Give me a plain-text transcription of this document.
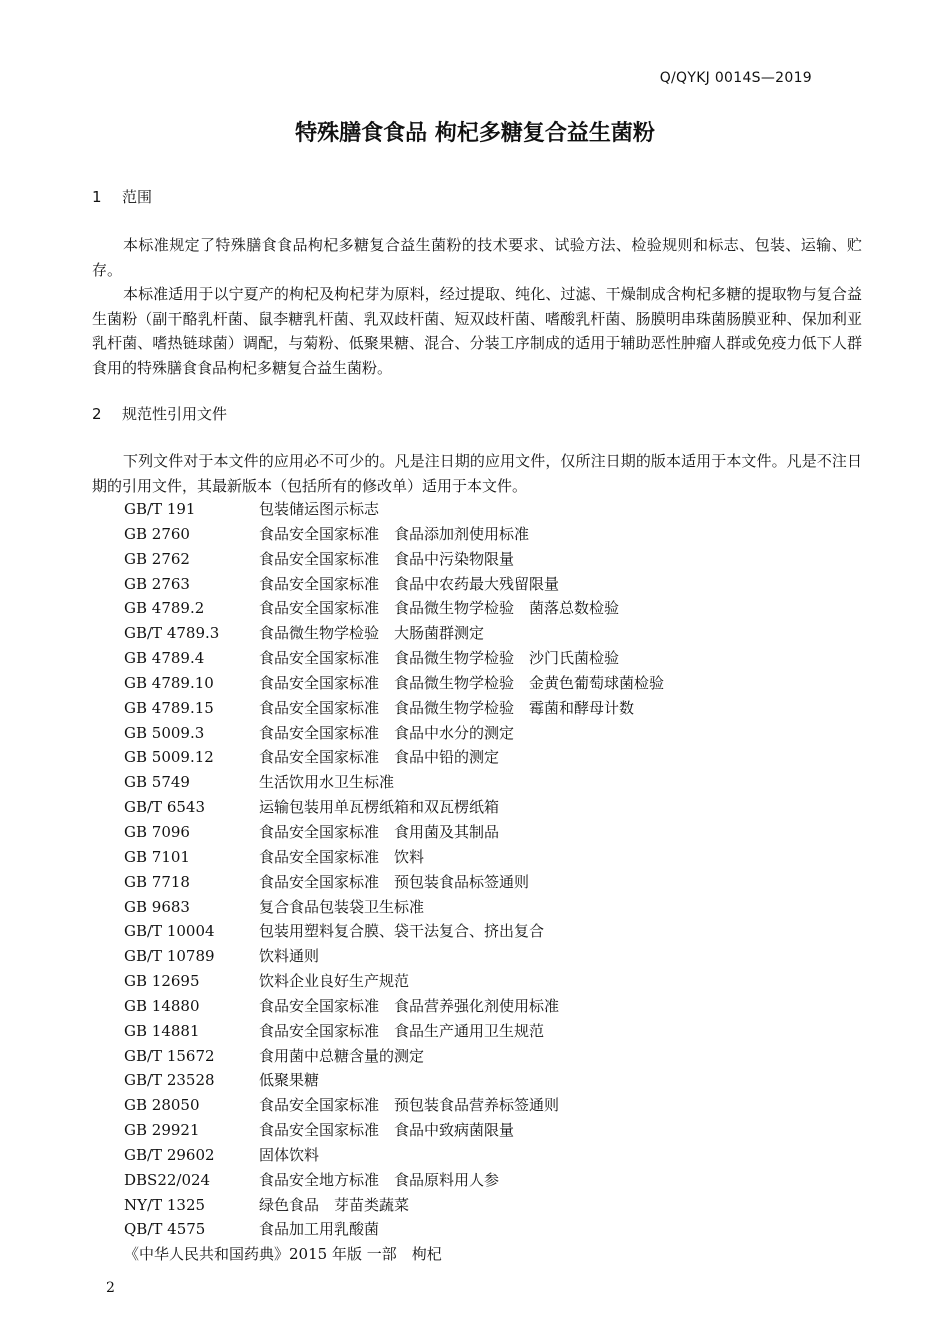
Q/QYKJ 0014S—2019
特殊膳食食品 枸杞多糖复合益生菌粉
1 范围
本标准规定了特殊膳食食品枸杞多糖复合益生菌粉的技术要求、试验方法、检验规则和标志、包装、运输、贮存。
本标准适用于以宁夏产的枸杞及枸杞芽为原料，经过提取、纯化、过滤、干燥制成含枸杞多糖的提取物与复合益生菌粉（副干酪乳杆菌、鼠李糖乳杆菌、乳双歧杆菌、短双歧杆菌、嗜酸乳杆菌、肠膜明串珠菌肠膜亚种、保加利亚乳杆菌、嗜热链球菌）调配，与菊粉、低聚果糖、混合、分装工序制成的适用于辅助恶性肿瘤人群或免疫力低下人群食用的特殊膳食食品枸杞多糖复合益生菌粉。
2 规范性引用文件
下列文件对于本文件的应用必不可少的。凡是注日期的应用文件，仅所注日期的版本适用于本文件。凡是不注日期的引用文件，其最新版本（包括所有的修改单）适用于本文件。
GB/T 191	包装储运图示标志
GB 2760	食品安全国家标准　食品添加剂使用标准
GB 2762	食品安全国家标准　食品中污染物限量
GB 2763	食品安全国家标准　食品中农药最大残留限量
GB 4789.2	食品安全国家标准　食品微生物学检验　菌落总数检验
GB/T 4789.3	食品微生物学检验　大肠菌群测定
GB 4789.4	食品安全国家标准　食品微生物学检验　沙门氏菌检验
GB 4789.10	食品安全国家标准　食品微生物学检验　金黄色葡萄球菌检验
GB 4789.15	食品安全国家标准　食品微生物学检验　霉菌和酵母计数
GB 5009.3	食品安全国家标准　食品中水分的测定
GB 5009.12	食品安全国家标准　食品中铅的测定
GB 5749	生活饮用水卫生标准
GB/T 6543	运输包装用单瓦楞纸箱和双瓦楞纸箱
GB 7096	食品安全国家标准　食用菌及其制品
GB 7101	食品安全国家标准　饮料
GB 7718	食品安全国家标准　预包装食品标签通则
GB 9683	复合食品包装袋卫生标准
GB/T 10004	包装用塑料复合膜、袋干法复合、挤出复合
GB/T 10789	饮料通则
GB 12695	饮料企业良好生产规范
GB 14880	食品安全国家标准　食品营养强化剂使用标准
GB 14881	食品安全国家标准　食品生产通用卫生规范
GB/T 15672	食用菌中总糖含量的测定
GB/T 23528	低聚果糖
GB 28050	食品安全国家标准　预包装食品营养标签通则
GB 29921	食品安全国家标准　食品中致病菌限量
GB/T 29602	固体饮料
DBS22/024	食品安全地方标准　食品原料用人参
NY/T 1325	绿色食品　芽苗类蔬菜
QB/T 4575	食品加工用乳酸菌
《中华人民共和国药典》2015 年版 一部　枸杞
2
